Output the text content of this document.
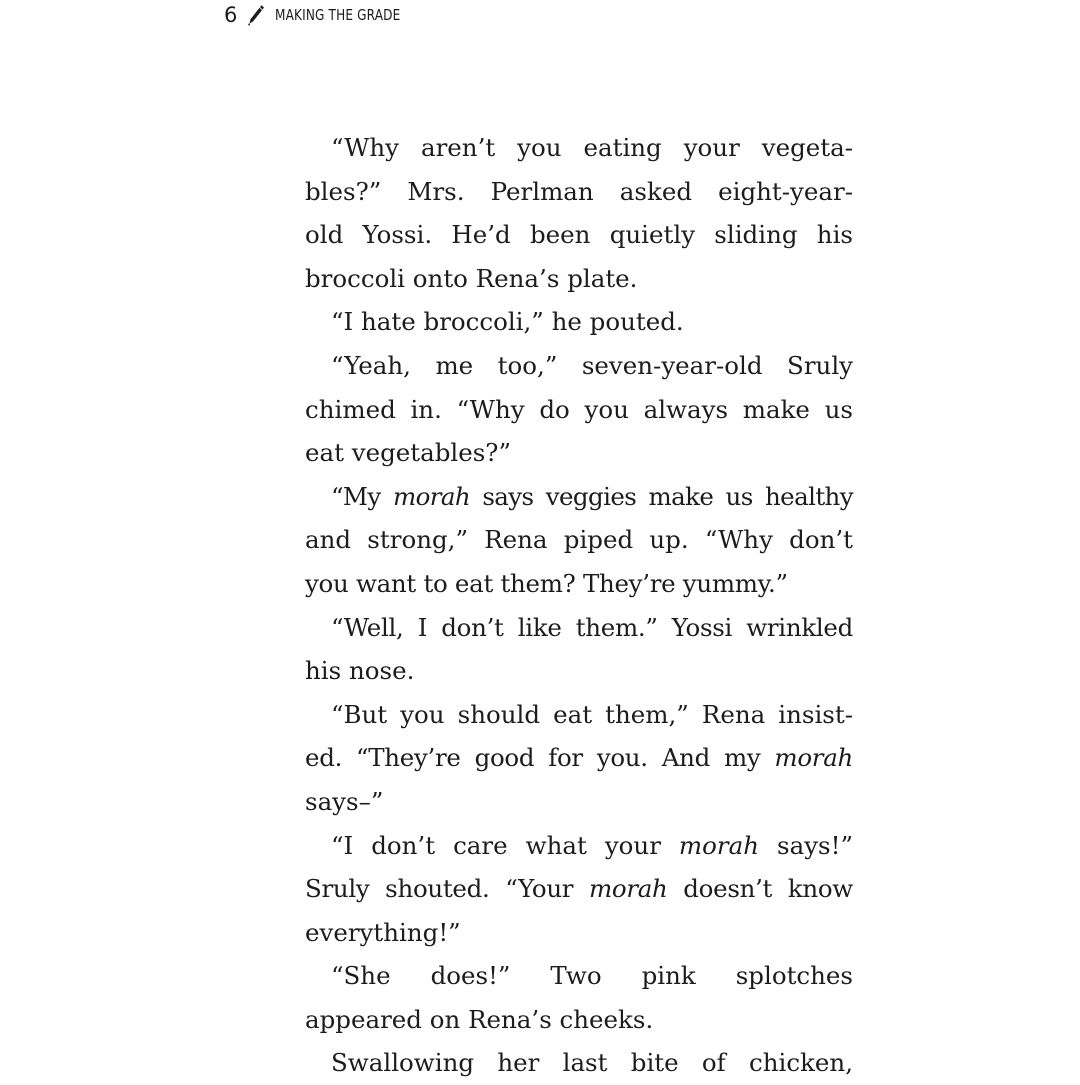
6 MAKING THE GRADE
“Why aren’t you eating your vegeta-
bles?” Mrs. Perlman asked eight-year-
old Yossi. He’d been quietly sliding his
broccoli onto Rena’s plate.
“I hate broccoli,” he pouted.
“Yeah, me too,” seven-year-old Sruly
chimed in. “Why do you always make us
eat vegetables?”
“My morah says veggies make us healthy
and strong,” Rena piped up. “Why don’t
you want to eat them? They’re yummy.”
“Well, I don’t like them.” Yossi wrinkled
his nose.
“But you should eat them,” Rena insist-
ed. “They’re good for you. And my morah
says–”
“I don’t care what your morah says!”
Sruly shouted. “Your morah doesn’t know
everything!”
“She does!” Two pink splotches
appeared on Rena’s cheeks.
Swallowing her last bite of chicken,
